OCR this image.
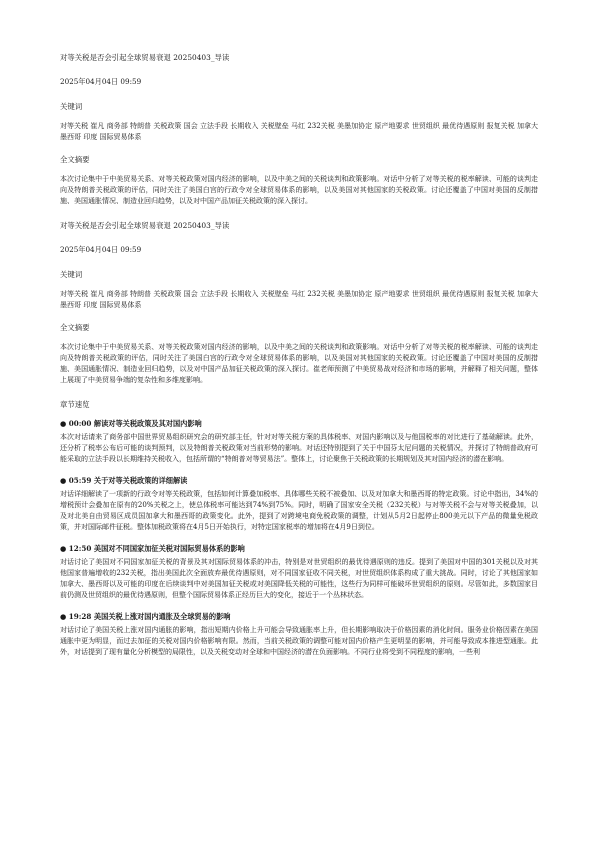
对等关税是否会引起全球贸易衰退 20250403_导读

2025年04月04日 09:59

关键词

对等关税 崔凡 商务部 特朗普 关税政策 国会 立法手段 长期收入 关税壁垒 马红 232关税 美墨加协定 原产地要求 世贸组织 最优待遇原则 报复关税 加拿大 墨西哥 印度 国际贸易体系

全文摘要

本次讨论集中于中美贸易关系、对等关税政策对国内经济的影响，以及中美之间的关税谈判和政策影响。对话中分析了对等关税的税率解读、可能的谈判走向及特朗普关税政策的评估，同时关注了美国白宫的行政令对全球贸易体系的影响，以及美国对其他国家的关税政策。讨论还覆盖了中国对美国的反制措施、美国通胀情况、制造业回归趋势，以及对中国产品加征关税政策的深入探讨。

对等关税是否会引起全球贸易衰退 20250403_导读

2025年04月04日 09:59

关键词

对等关税 崔凡 商务部 特朗普 关税政策 国会 立法手段 长期收入 关税壁垒 马红 232关税 美墨加协定 原产地要求 世贸组织 最优待遇原则 报复关税 加拿大 墨西哥 印度 国际贸易体系

全文摘要

本次讨论集中于中美贸易关系、对等关税政策对国内经济的影响，以及中美之间的关税谈判和政策影响。对话中分析了对等关税的税率解读、可能的谈判走向及特朗普关税政策的评估，同时关注了美国白宫的行政令对全球贸易体系的影响，以及美国对其他国家的关税政策。讨论还覆盖了中国对美国的反制措施、美国通胀情况、制造业回归趋势，以及对中国产品加征关税政策的深入探讨。崔老师预测了中美贸易战对经济和市场的影响，并解释了相关问题，整体上展现了中美贸易争端的复杂性和多维度影响。

章节速览

● 00:00 解读对等关税政策及其对国内影响

本次对话请来了商务部中国世界贸易组织研究会的研究部主任，针对对等关税方案的具体税率、对国内影响以及与他国税率的对比进行了基础解读。此外，还分析了税率公布后可能的谈判预判，以及特朗普关税政策对当前形势的影响。对话还特别提到了关于中国芬太尼问题的关税情况，并探讨了特朗普政府可能采取的立法手段以长期维持关税收入，包括所谓的“特朗普对等贸易法”。整体上，讨论聚焦于关税政策的长期规划及其对国内经济的潜在影响。

● 05:59 关于对等关税政策的详细解读

对话详细解读了一项新的行政令对等关税政策，包括如何计算叠加税率、具体哪些关税不被叠加、以及对加拿大和墨西哥的特定政策。讨论中指出，34%的增税预计会叠加在原有的20%关税之上，使总体税率可能达到74%到75%。同时，明确了国家安全关税（232关税）与对等关税不会与对等关税叠加，以及对北美自由贸易区成员国加拿大和墨西哥的政策变化。此外，提到了对跨境电商免税政策的调整，计划从5月2日起停止800美元以下产品的微量免税政策，并对国际邮件征税。整体加税政策将在4月5日开始执行，对特定国家税率的增加将在4月9日到位。

● 12:50 美国对不同国家加征关税对国际贸易体系的影响

对话讨论了美国对不同国家加征关税的背景及其对国际贸易体系的冲击，特别是对世贸组织的最优待遇原则的违反。提到了美国对中国的301关税以及对其他国家普遍增收的232关税，指出美国此次全面放弃最优待遇原则，对不同国家征收不同关税，对世贸组织体系构成了重大挑战。同时，讨论了其他国家如加拿大、墨西哥以及可能的印度在后续谈判中对美国加征关税或对美国降低关税的可能性，这些行为同样可能破坏世贸组织的原则。尽管如此，多数国家目前仍测及世贸组织的最优待遇原则，但整个国际贸易体系正经历巨大的变化，接近于一个丛林状态。

● 19:28 美国关税上涨对国内通胀及全球贸易的影响

对话讨论了美国关税上涨对国内通胀的影响，指出短期内价格上升可能会导致通胀率上升，但长期影响取决于价格因素的消化时间。服务业价格因素在美国通胀中更为明显，而过去加征的关税对国内价格影响有限。然而，当前关税政策的调整可能对国内价格产生更明显的影响，并可能导致成本推进型通胀。此外，对话提到了现有量化分析模型的局限性，以及关税变动对全球和中国经济的潜在负面影响。不同行业将受到不同程度的影响，一些利
